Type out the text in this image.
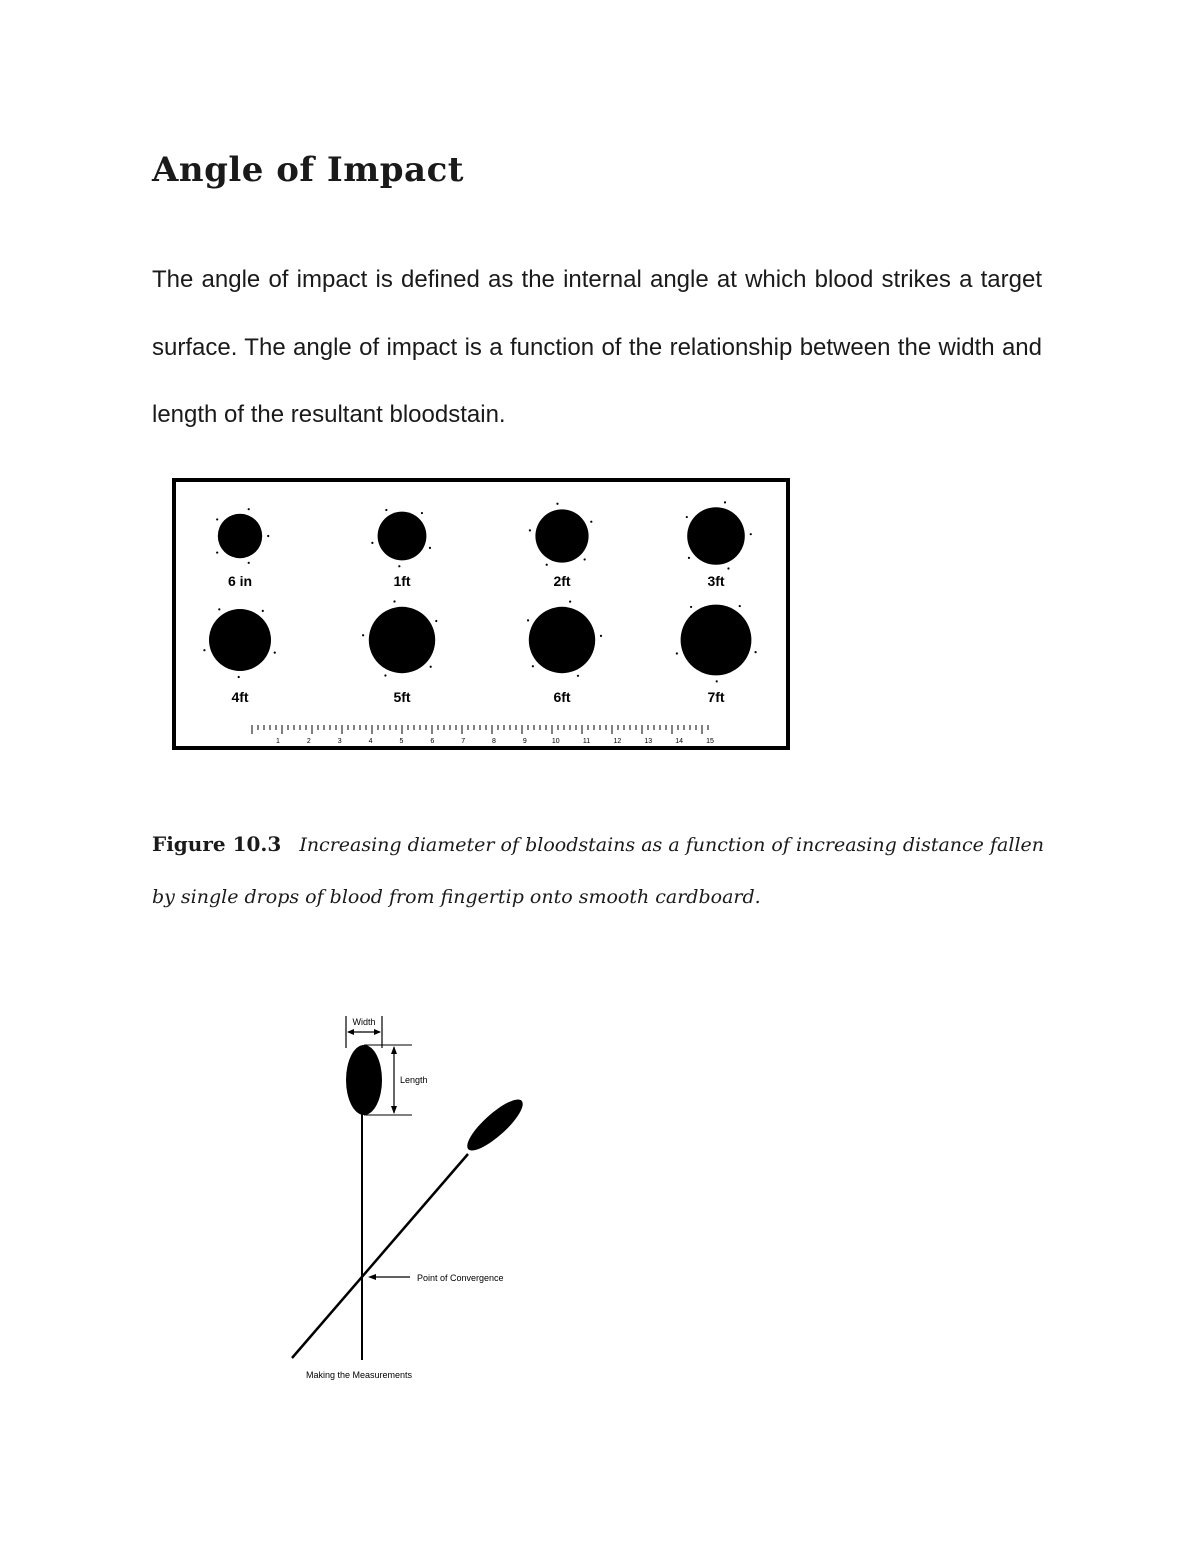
Angle of Impact

The angle of impact is defined as the internal angle at which blood strikes a target surface. The angle of impact is a function of the relationship between the width and length of the resultant bloodstain.

6 in	1ft	2ft	3ft
4ft	5ft	6ft	7ft
1	2	3	4	5	6	7	8	9	10	11	12	13	14	15

Figure 10.3 Increasing diameter of bloodstains as a function of increasing distance fallen by single drops of blood from fingertip onto smooth cardboard.

Width
Length
Point of Convergence
Making the Measurements
